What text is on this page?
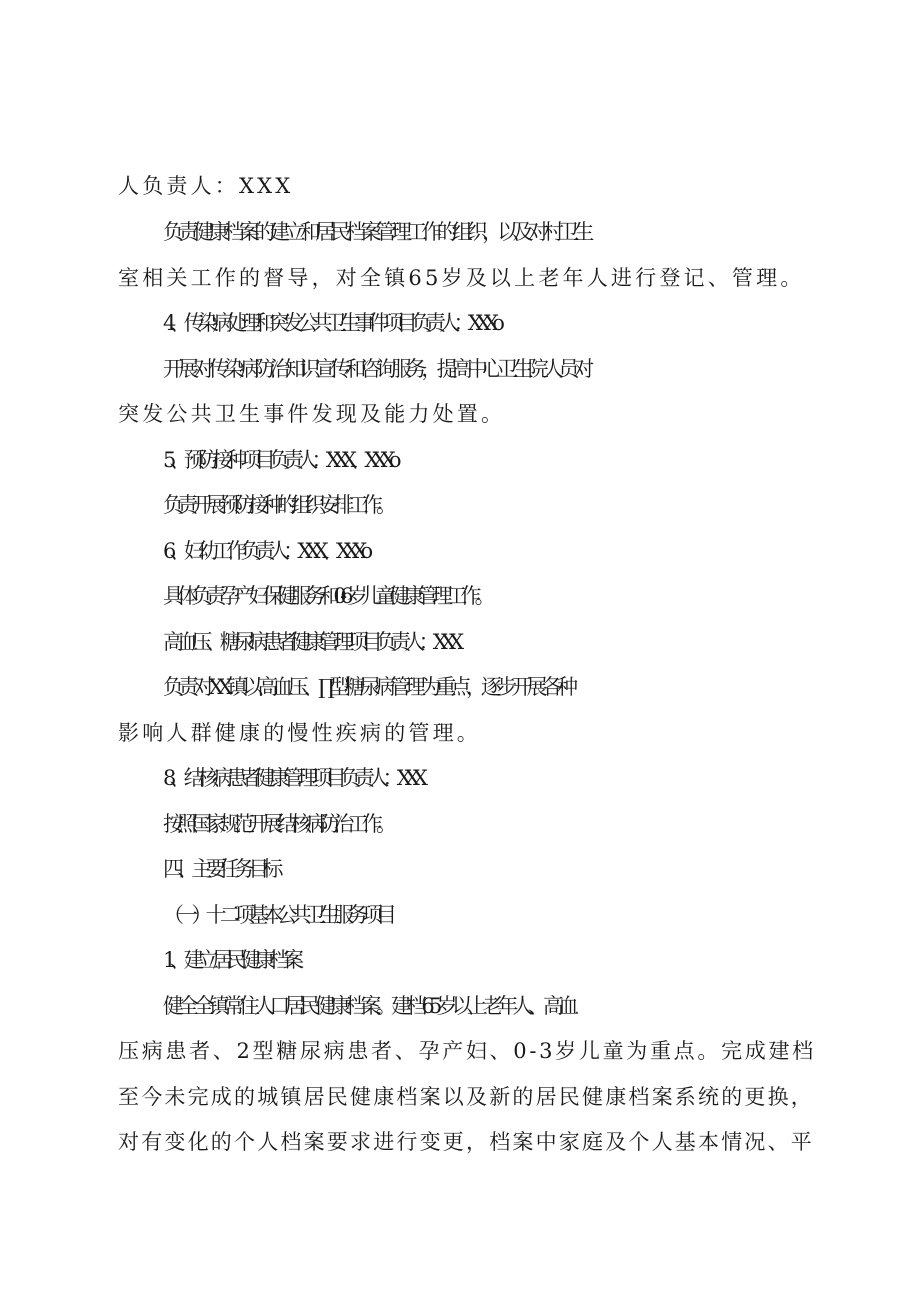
人负责人：XXX
负责健康档案的建立和居民档案管理工作的组织，以及对村卫生
室相关工作的督导，对全镇65岁及以上老年人进行登记、管理。
4、传染病处理和突发公共卫生事件项目负责人：XXXo
开展对传染病防治知识宣传和咨询服务，提高中心卫生院人员对
突发公共卫生事件发现及能力处置。
5、预防接种项目负责人：XXX、XXXo
负责开展预防接种的组织安排工作。
6、妇幼工作负责人：XXX、XXXo
具体负责孕产妇保健服务和0-6岁儿童健康管理工作。
高血压、糖尿病患者健康管理项目负责人：XXX
负责对XX镇以高血压、∏型糖尿病管理为重点，逐步开展各种
影响人群健康的慢性疾病的管理。
8、结核病患者健康管理项目负责人：XXX
按照国家规范开展结核病防治工作。
四、主要任务目标
（一）十二项基本公共卫生服务项目
1、建立居民健康档案
健全全镇常住人口居民健康档案。建档65岁以上老年人、高血
压病患者、2型糖尿病患者、孕产妇、0-3岁儿童为重点。完成建档
至今未完成的城镇居民健康档案以及新的居民健康档案系统的更换，
对有变化的个人档案要求进行变更，档案中家庭及个人基本情况、平
